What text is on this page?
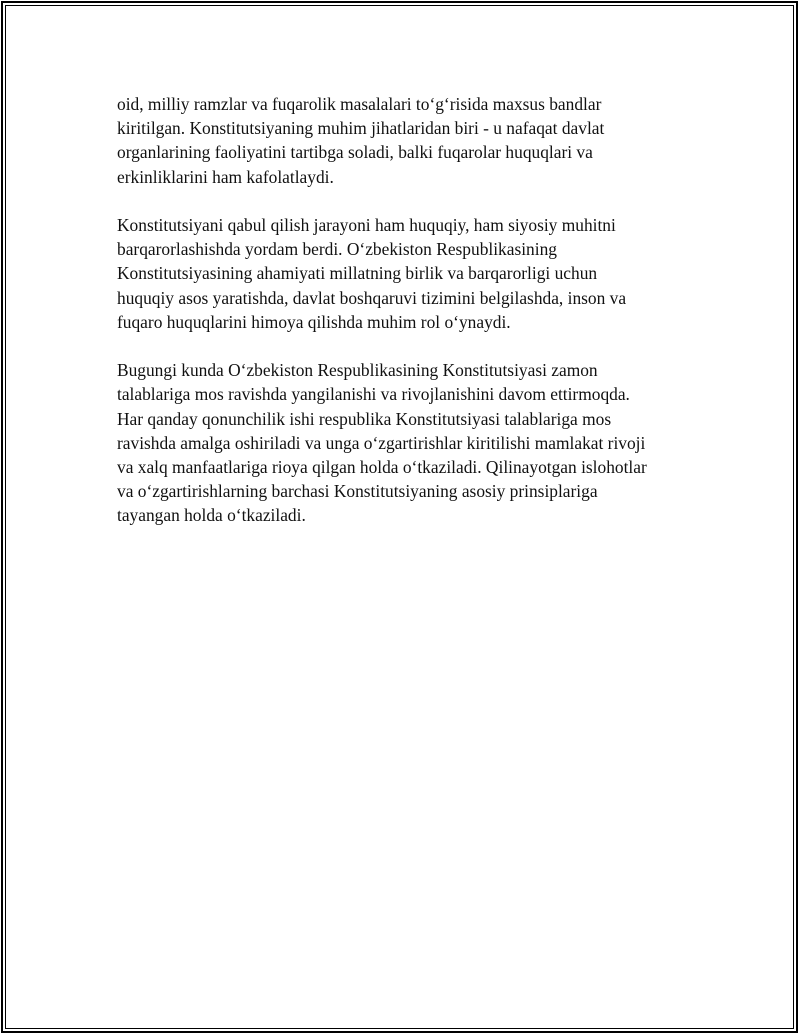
oid, milliy ramzlar va fuqarolik masalalari to‘g‘risida maxsus bandlar
kiritilgan. Konstitutsiyaning muhim jihatlaridan biri - u nafaqat davlat
organlarining faoliyatini tartibga soladi, balki fuqarolar huquqlari va
erkinliklarini ham kafolatlaydi.

Konstitutsiyani qabul qilish jarayoni ham huquqiy, ham siyosiy muhitni
barqarorlashishda yordam berdi. O‘zbekiston Respublikasining
Konstitutsiyasining ahamiyati millatning birlik va barqarorligi uchun
huquqiy asos yaratishda, davlat boshqaruvi tizimini belgilashda, inson va
fuqaro huquqlarini himoya qilishda muhim rol o‘ynaydi.

Bugungi kunda O‘zbekiston Respublikasining Konstitutsiyasi zamon
talablariga mos ravishda yangilanishi va rivojlanishini davom ettirmoqda.
Har qanday qonunchilik ishi respublika Konstitutsiyasi talablariga mos
ravishda amalga oshiriladi va unga o‘zgartirishlar kiritilishi mamlakat rivoji
va xalq manfaatlariga rioya qilgan holda o‘tkaziladi. Qilinayotgan islohotlar
va o‘zgartirishlarning barchasi Konstitutsiyaning asosiy prinsiplariga
tayangan holda o‘tkaziladi.
